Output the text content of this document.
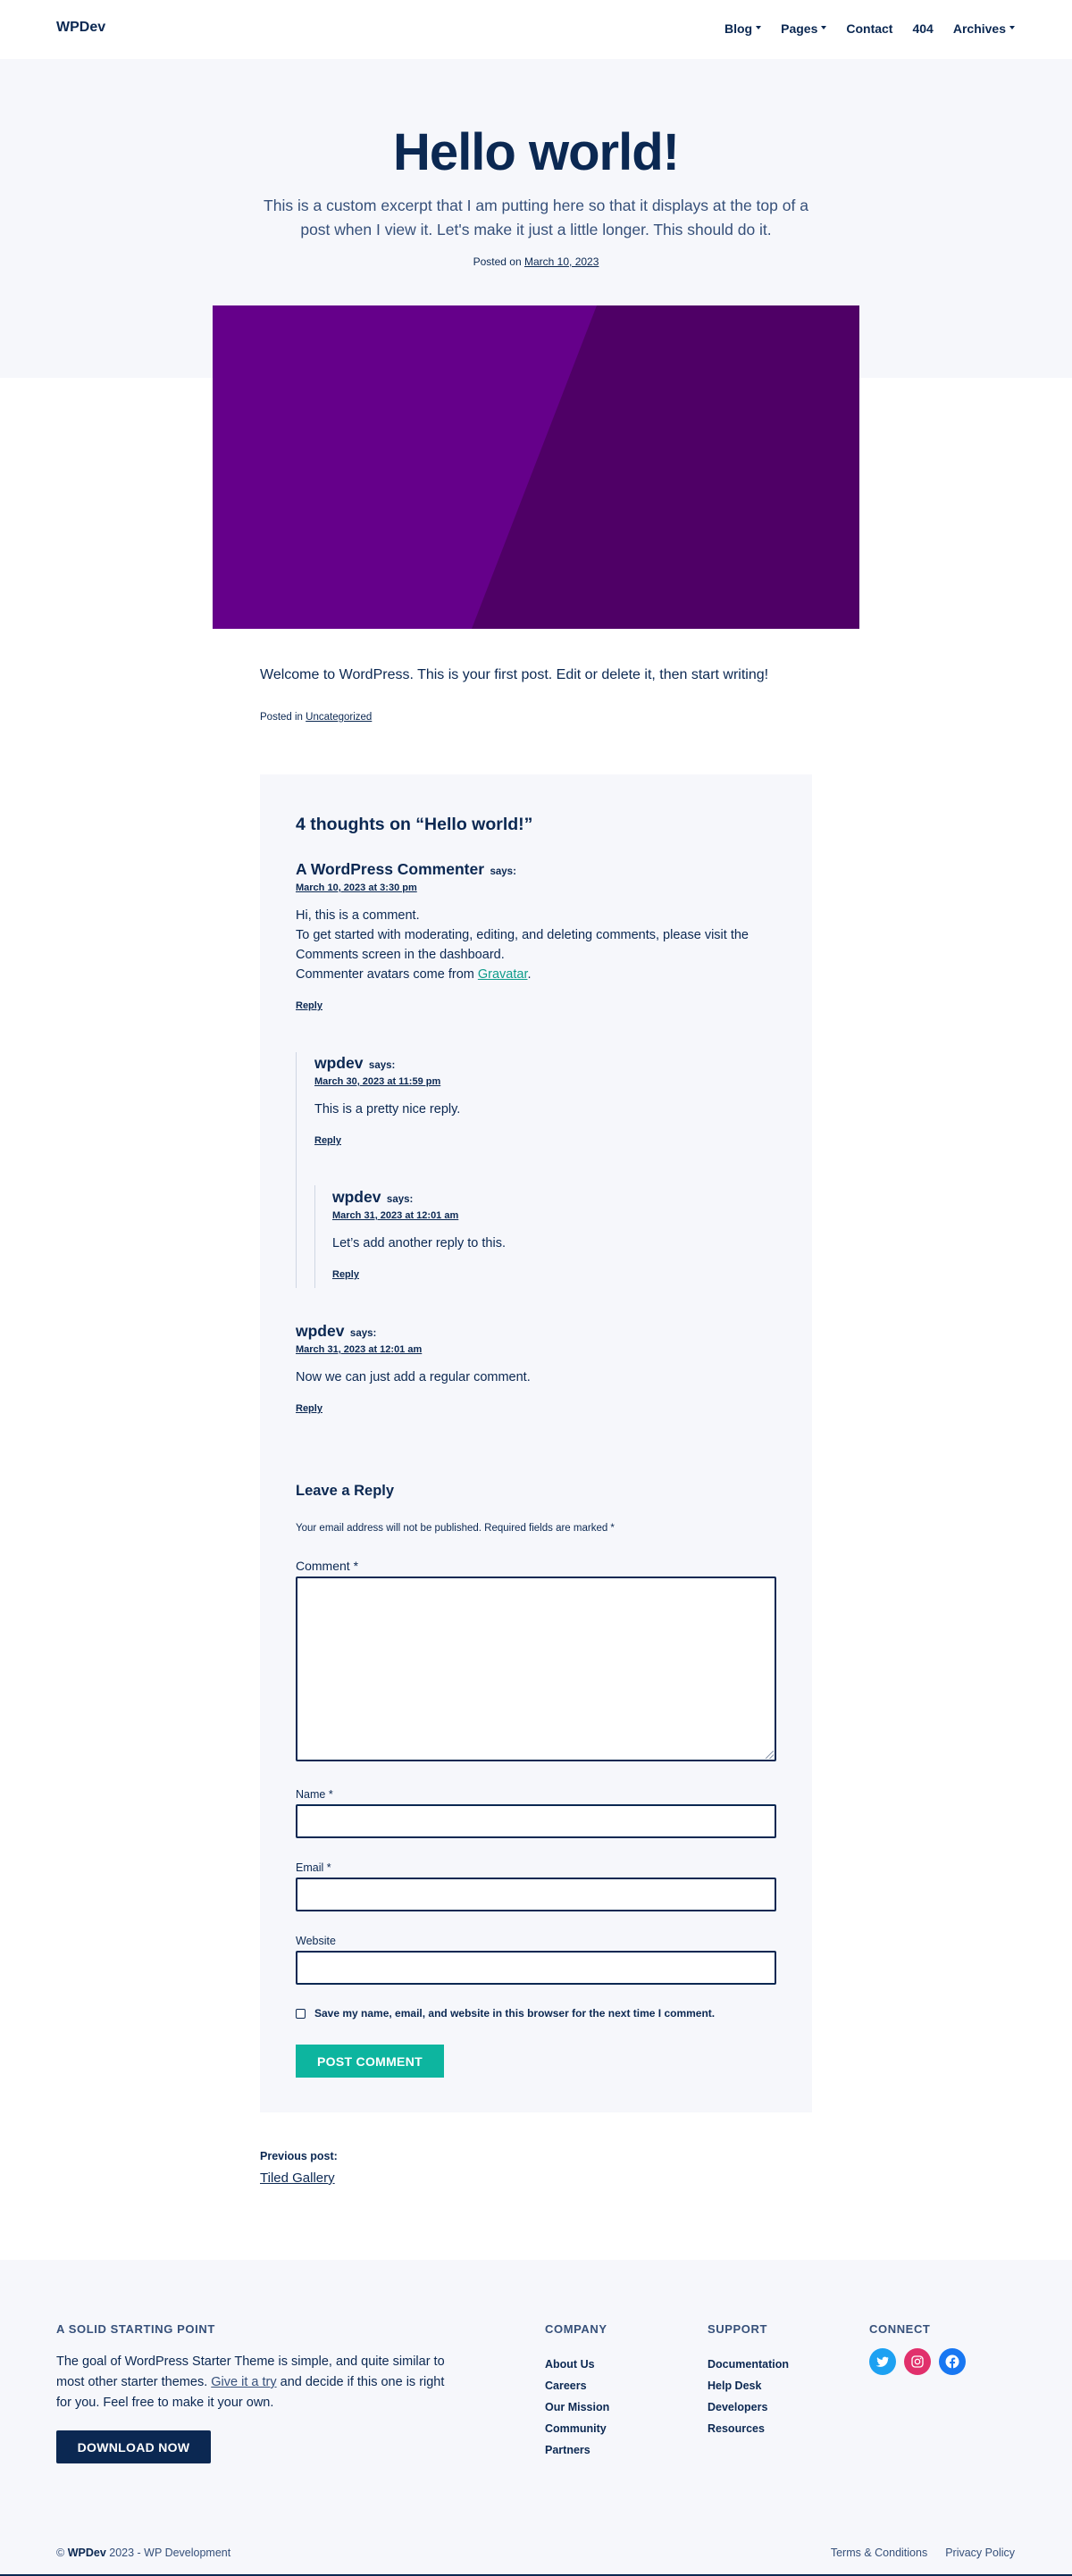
WPDev	Blog Pages Contact 404 Archives
Hello world!

This is a custom excerpt that I am putting here so that it displays at the top of a post when I view it. Let's make it just a little longer. This should do it.

Posted on March 10, 2023

Welcome to WordPress. This is your first post. Edit or delete it, then start writing!

Posted in Uncategorized
4 thoughts on “Hello world!”
A WordPress Commenter says:
March 10, 2023 at 3:30 pm
Hi, this is a comment.
To get started with moderating, editing, and deleting comments, please visit the Comments screen in the dashboard.
Commenter avatars come from Gravatar.
Reply
wpdev says:
March 30, 2023 at 11:59 pm

This is a pretty nice reply.

Reply
wpdev says:
March 31, 2023 at 12:01 am

Let’s add another reply to this.

Reply
wpdev says:
March 31, 2023 at 12:01 am

Now we can just add a regular comment.

Reply
Leave a Reply

Your email address will not be published. Required fields are marked *

Comment *
Name *
Email *
Website
Save my name, email, and website in this browser for the next time I comment.
POST COMMENT
Previous post:
Tiled Gallery
A SOLID STARTING POINT

The goal of WordPress Starter Theme is simple, and quite similar to most other starter themes. Give it a try and decide if this one is right for you. Feel free to make it your own.

DOWNLOAD NOW
COMPANY
About Us
Careers
Our Mission
Community
Partners
SUPPORT
Documentation
Help Desk
Developers
Resources
CONNECT
© WPDev 2023 - WP Development	Terms & Conditions Privacy Policy
